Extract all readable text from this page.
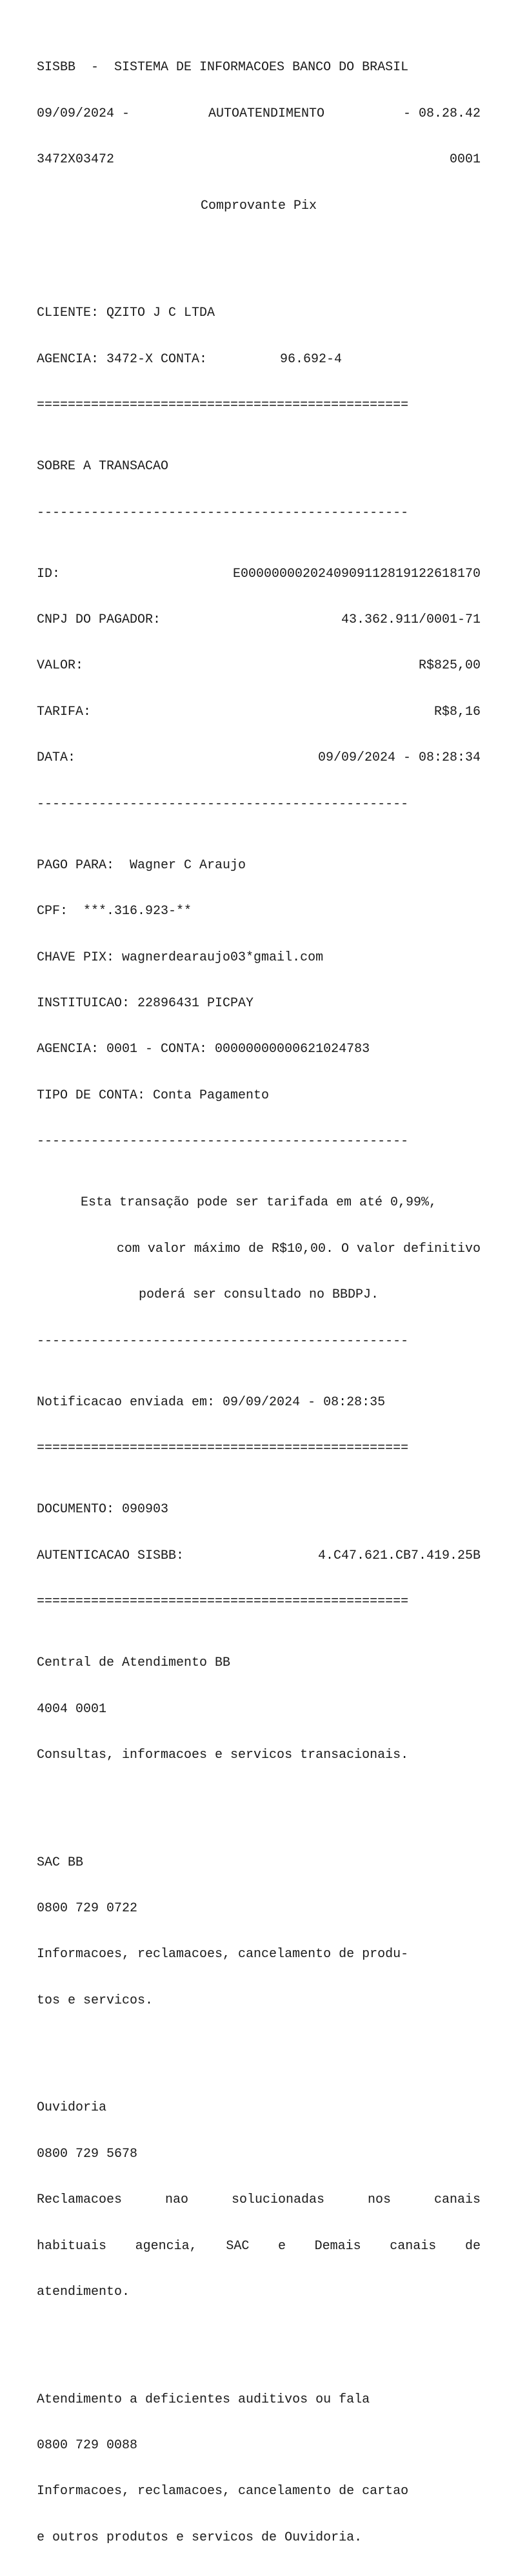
SISBB  -  SISTEMA DE INFORMACOES BANCO DO BRASIL

09/09/2024 -	AUTOATENDIMENTO	- 08.28.42

3472X03472	0001

Comprovante Pix

CLIENTE: QZITO J C LTDA

AGENCIA: 3472-X CONTA:	96.692-4

================================================

SOBRE A TRANSACAO

------------------------------------------------

ID:	E0000000020240909112819122618170

CNPJ DO PAGADOR:	43.362.911/0001-71

VALOR:	R$825,00

TARIFA:	R$8,16

DATA:	09/09/2024 - 08:28:34

------------------------------------------------

PAGO PARA:  Wagner C Araujo

CPF:  ***.316.923-**

CHAVE PIX: wagnerdearaujo03*gmail.com

INSTITUICAO: 22896431 PICPAY

AGENCIA: 0001 - CONTA: 00000000000621024783

TIPO DE CONTA: Conta Pagamento

------------------------------------------------

Esta transação pode ser tarifada em até 0,99%,

com valor máximo de R$10,00. O valor definitivo

poderá ser consultado no BBDPJ.

------------------------------------------------

Notificacao enviada em: 09/09/2024 - 08:28:35

================================================

DOCUMENTO: 090903

AUTENTICACAO SISBB:	4.C47.621.CB7.419.25B

================================================

Central de Atendimento BB

4004 0001

Consultas, informacoes e servicos transacionais.

SAC BB

0800 729 0722

Informacoes, reclamacoes, cancelamento de produ-

tos e servicos.

Ouvidoria

0800 729 5678

Reclamacoes	nao	solucionadas	nos	canais

habituais agencia, SAC e Demais canais de

atendimento.

Atendimento a deficientes auditivos ou fala

0800 729 0088

Informacoes, reclamacoes, cancelamento de cartao

e outros produtos e servicos de Ouvidoria.
